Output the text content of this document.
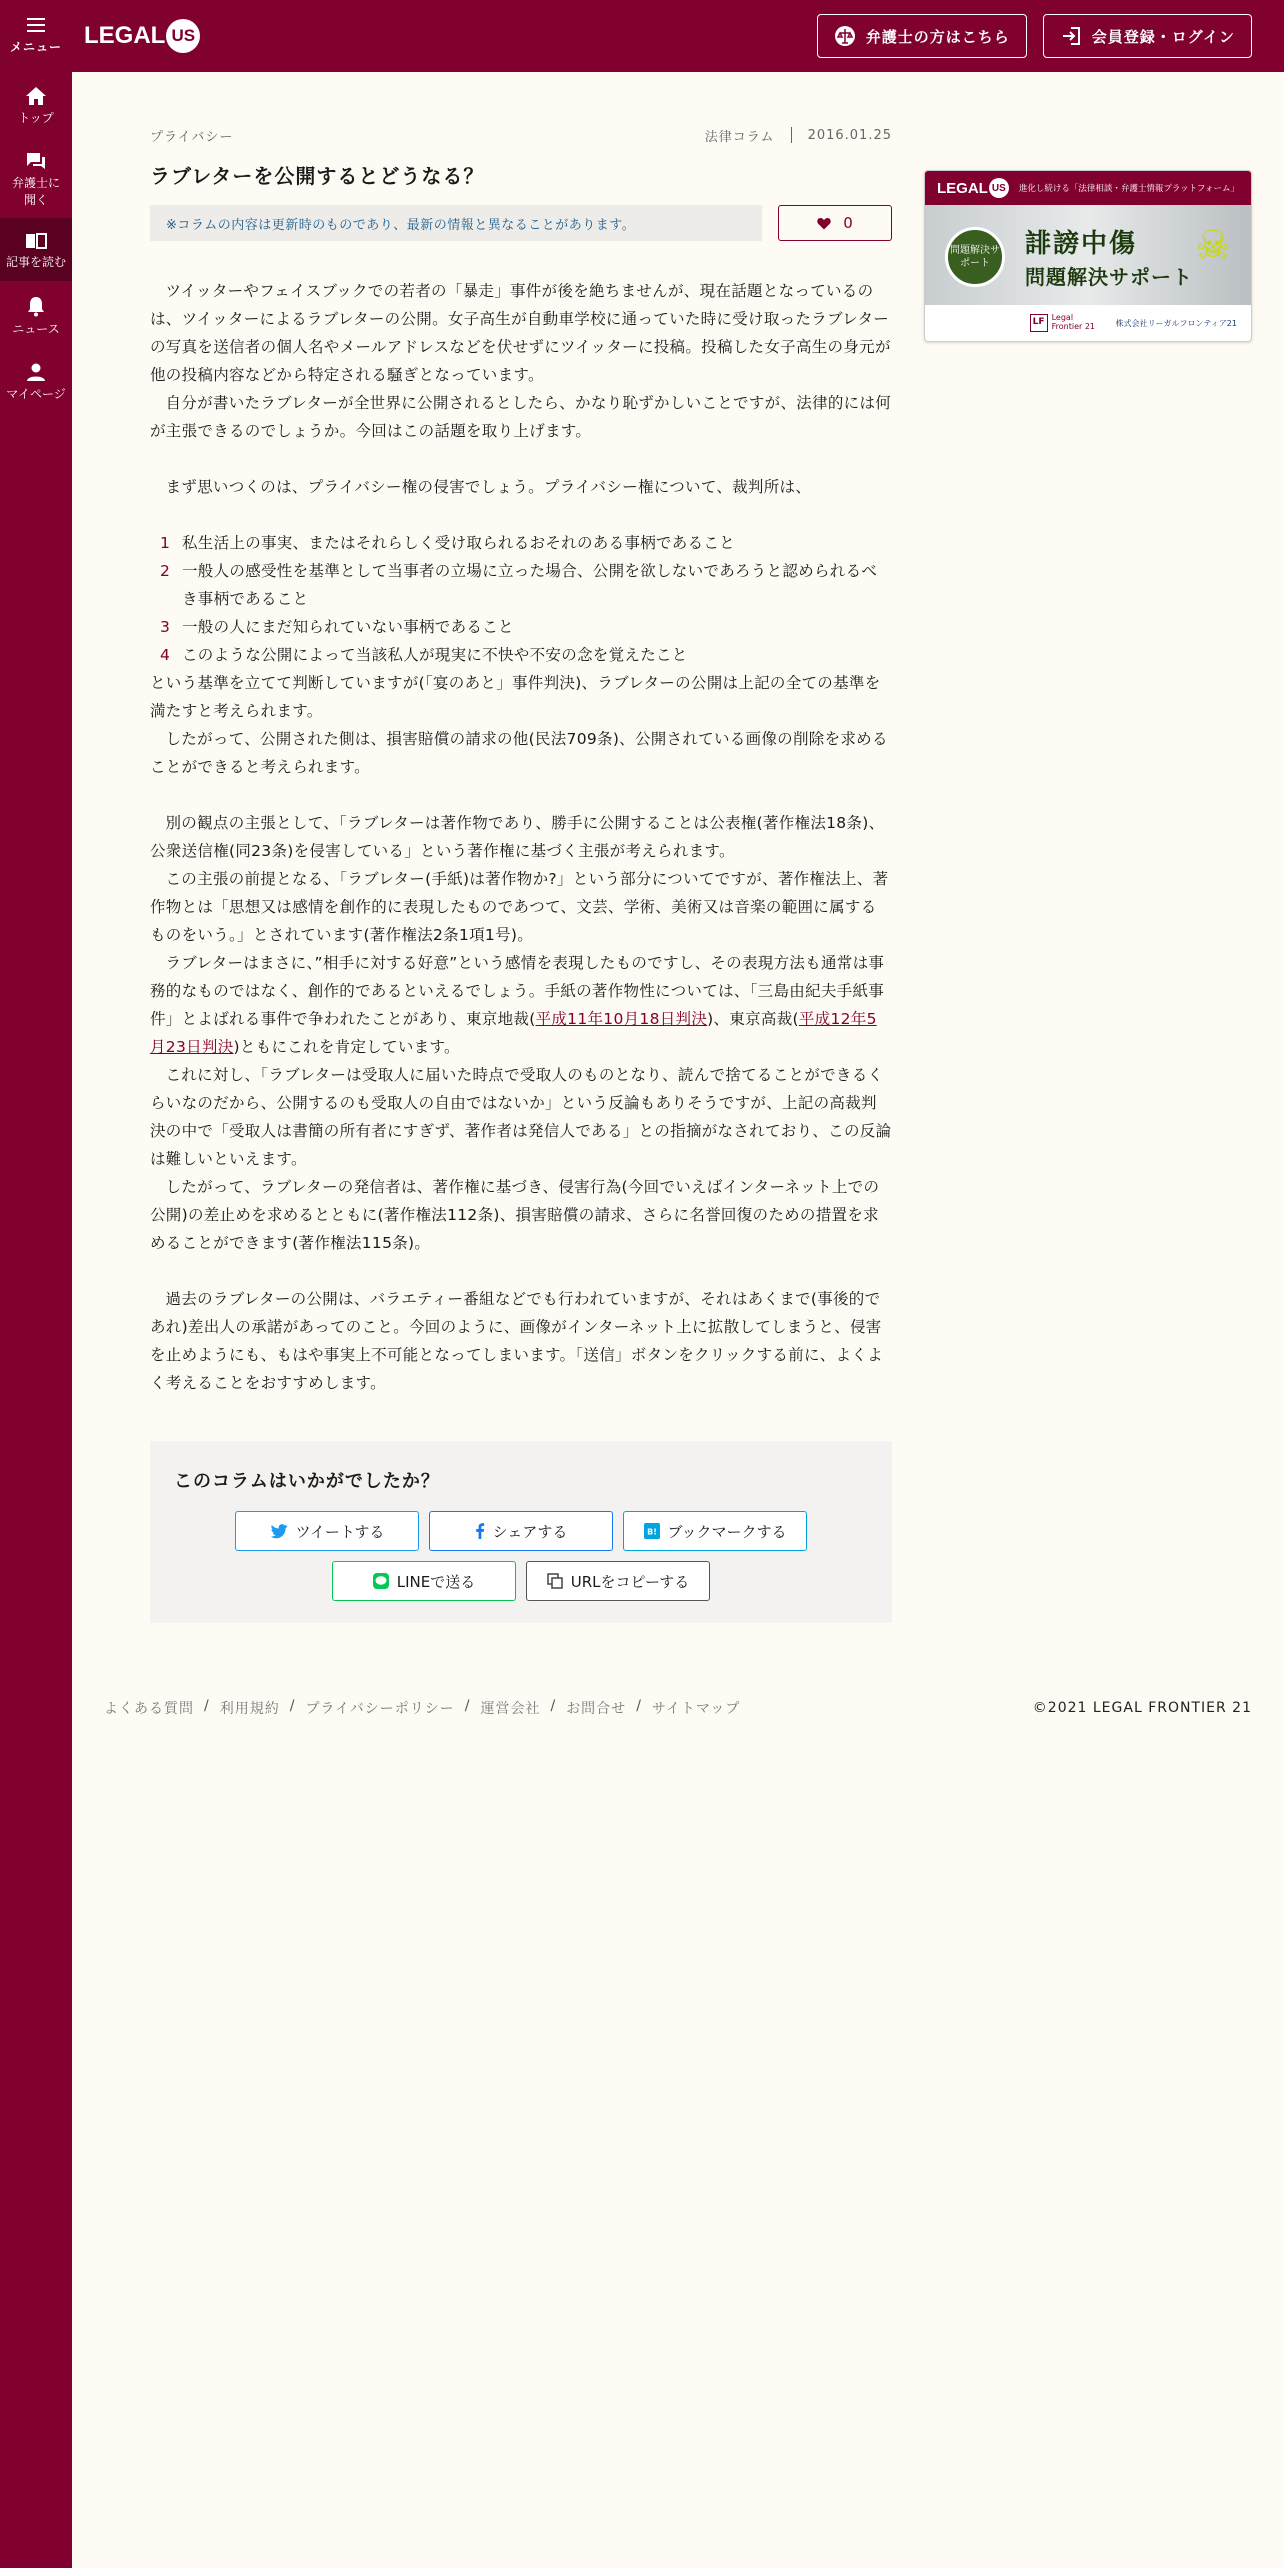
メニュー LEGAL US	弁護士の方はこちら	会員登録・ログイン
トップ
弁護士に聞く
記事を読む
ニュース
マイページ
プライバシー	法律コラム	2016.01.25
ラブレターを公開するとどうなる？
※コラムの内容は更新時のものであり、最新の情報と異なることがあります。	0

ツイッターやフェイスブックでの若者の「暴走」事件が後を絶ちませんが、現在話題となっているのは、ツイッターによるラブレターの公開。女子高生が自動車学校に通っていた時に受け取ったラブレターの写真を送信者の個人名やメールアドレスなどを伏せずにツイッターに投稿。投稿した女子高生の身元が他の投稿内容などから特定される騒ぎとなっています。

自分が書いたラブレターが全世界に公開されるとしたら、かなり恥ずかしいことですが、法律的には何が主張できるのでしょうか。今回はこの話題を取り上げます。

まず思いつくのは、プライバシー権の侵害でしょう。プライバシー権について、裁判所は、

1 私生活上の事実、またはそれらしく受け取られるおそれのある事柄であること
2 一般人の感受性を基準として当事者の立場に立った場合、公開を欲しないであろうと認められるべき事柄であること
3 一般の人にまだ知られていない事柄であること
4 このような公開によって当該私人が現実に不快や不安の念を覚えたこと

という基準を立てて判断していますが(「宴のあと」事件判決)、ラブレターの公開は上記の全ての基準を満たすと考えられます。

したがって、公開された側は、損害賠償の請求の他(民法709条)、公開されている画像の削除を求めることができると考えられます。

別の観点の主張として、「ラブレターは著作物であり、勝手に公開することは公表権(著作権法18条)、公衆送信権(同23条)を侵害している」という著作権に基づく主張が考えられます。

この主張の前提となる、「ラブレター(手紙)は著作物か?」という部分についてですが、著作権法上、著作物とは「思想又は感情を創作的に表現したものであつて、文芸、学術、美術又は音楽の範囲に属するものをいう。」とされています(著作権法2条1項1号)。

ラブレターはまさに、”相手に対する好意”という感情を表現したものですし、その表現方法も通常は事務的なものではなく、創作的であるといえるでしょう。手紙の著作物性については、「三島由紀夫手紙事件」とよばれる事件で争われたことがあり、東京地裁(平成11年10月18日判決)、東京高裁(平成12年5月23日判決)ともにこれを肯定しています。

これに対し、「ラブレターは受取人に届いた時点で受取人のものとなり、読んで捨てることができるくらいなのだから、公開するのも受取人の自由ではないか」という反論もありそうですが、上記の高裁判決の中で「受取人は書簡の所有者にすぎず、著作者は発信人である」との指摘がなされており、この反論は難しいといえます。

したがって、ラブレターの発信者は、著作権に基づき、侵害行為(今回でいえばインターネット上での公開)の差止めを求めるとともに(著作権法112条)、損害賠償の請求、さらに名誉回復のための措置を求めることができます(著作権法115条)。

過去のラブレターの公開は、バラエティー番組などでも行われていますが、それはあくまで(事後的であれ)差出人の承諾があってのこと。今回のように、画像がインターネット上に拡散してしまうと、侵害を止めようにも、もはや事実上不可能となってしまいます。「送信」ボタンをクリックする前に、よくよく考えることをおすすめします。

このコラムはいかがでしたか？
ツイートする	シェアする	B! ブックマークする
LINEで送る	URLをコピーする
LEGAL US	進化し続ける「法律相談・弁護士情報プラットフォーム」
問題解決サポート
誹謗中傷
問題解決サポート
☠
LF Legal Frontier 21	株式会社リーガルフロンティア21
よくある質問 / 利用規約 / プライバシーポリシー / 運営会社 / お問合せ / サイトマップ	©2021 LEGAL FRONTIER 21
